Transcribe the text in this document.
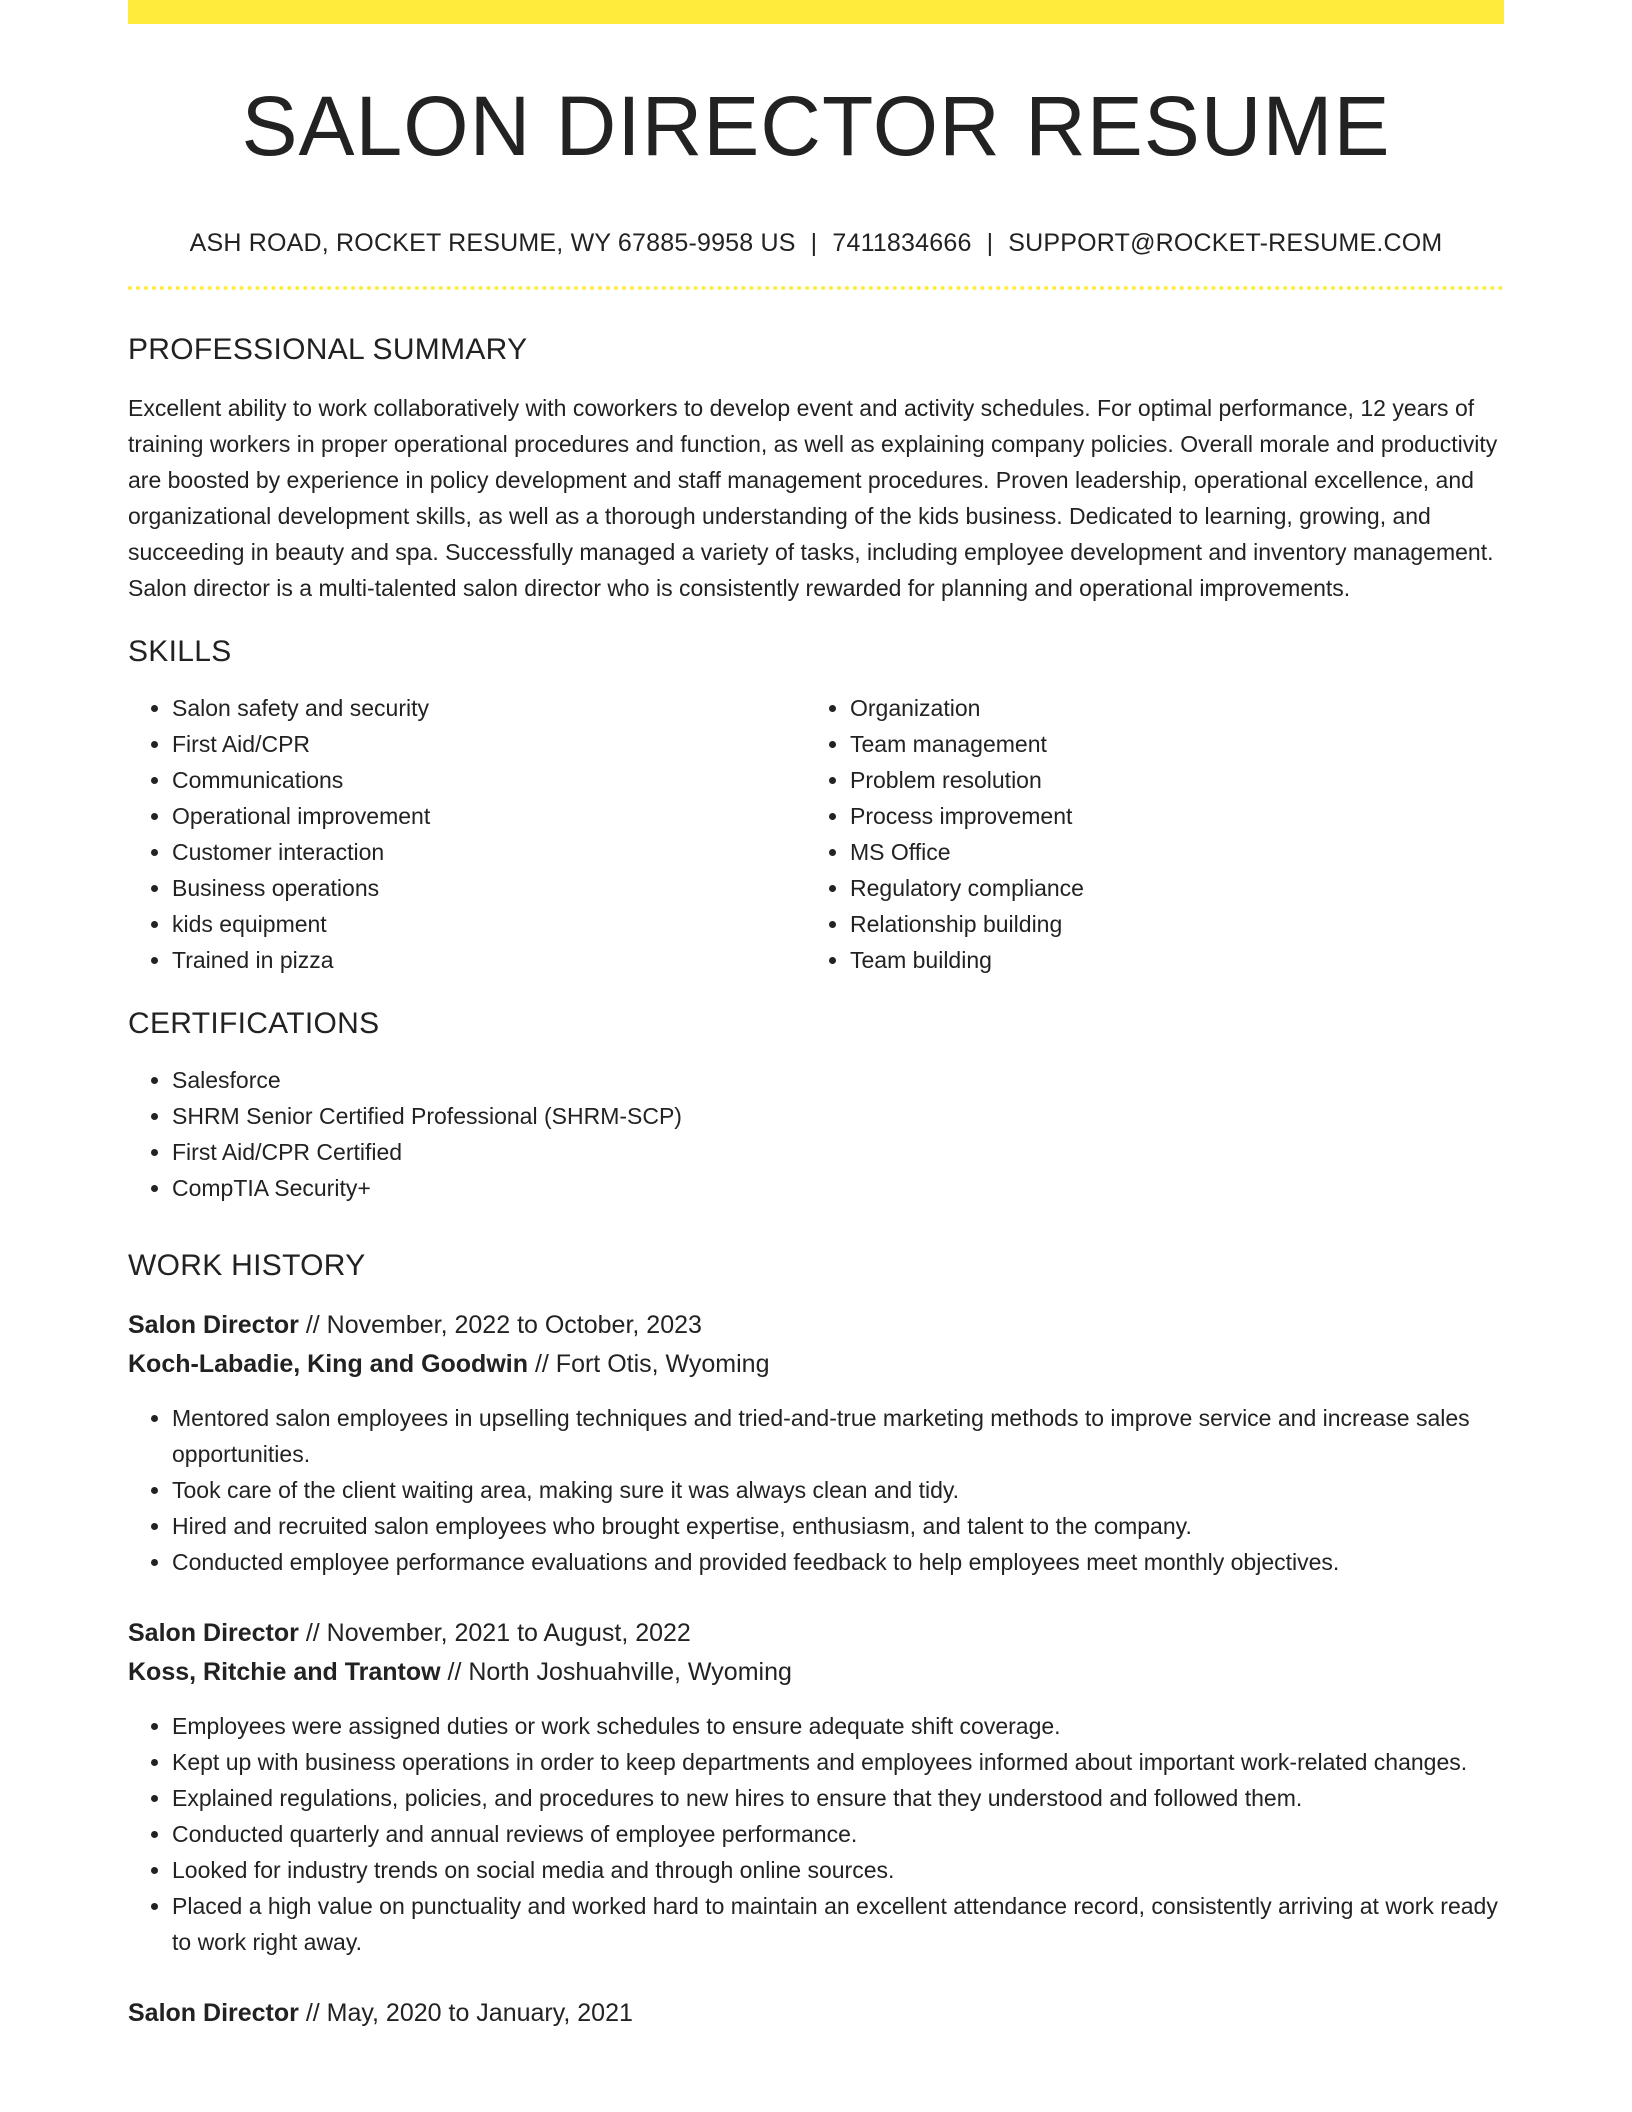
SALON DIRECTOR RESUME
ASH ROAD, ROCKET RESUME, WY 67885-9958 US | 7411834666 | SUPPORT@ROCKET-RESUME.COM
PROFESSIONAL SUMMARY
Excellent ability to work collaboratively with coworkers to develop event and activity schedules. For optimal performance, 12 years of training workers in proper operational procedures and function, as well as explaining company policies. Overall morale and productivity are boosted by experience in policy development and staff management procedures. Proven leadership, operational excellence, and organizational development skills, as well as a thorough understanding of the kids business. Dedicated to learning, growing, and succeeding in beauty and spa. Successfully managed a variety of tasks, including employee development and inventory management. Salon director is a multi-talented salon director who is consistently rewarded for planning and operational improvements.
SKILLS
• Salon safety and security
• First Aid/CPR
• Communications
• Operational improvement
• Customer interaction
• Business operations
• kids equipment
• Trained in pizza
• Organization
• Team management
• Problem resolution
• Process improvement
• MS Office
• Regulatory compliance
• Relationship building
• Team building
CERTIFICATIONS
• Salesforce
• SHRM Senior Certified Professional (SHRM-SCP)
• First Aid/CPR Certified
• CompTIA Security+
WORK HISTORY
Salon Director // November, 2022 to October, 2023
Koch-Labadie, King and Goodwin // Fort Otis, Wyoming
• Mentored salon employees in upselling techniques and tried-and-true marketing methods to improve service and increase sales opportunities.
• Took care of the client waiting area, making sure it was always clean and tidy.
• Hired and recruited salon employees who brought expertise, enthusiasm, and talent to the company.
• Conducted employee performance evaluations and provided feedback to help employees meet monthly objectives.
Salon Director // November, 2021 to August, 2022
Koss, Ritchie and Trantow // North Joshuahville, Wyoming
• Employees were assigned duties or work schedules to ensure adequate shift coverage.
• Kept up with business operations in order to keep departments and employees informed about important work-related changes.
• Explained regulations, policies, and procedures to new hires to ensure that they understood and followed them.
• Conducted quarterly and annual reviews of employee performance.
• Looked for industry trends on social media and through online sources.
• Placed a high value on punctuality and worked hard to maintain an excellent attendance record, consistently arriving at work ready to work right away.
Salon Director // May, 2020 to January, 2021
